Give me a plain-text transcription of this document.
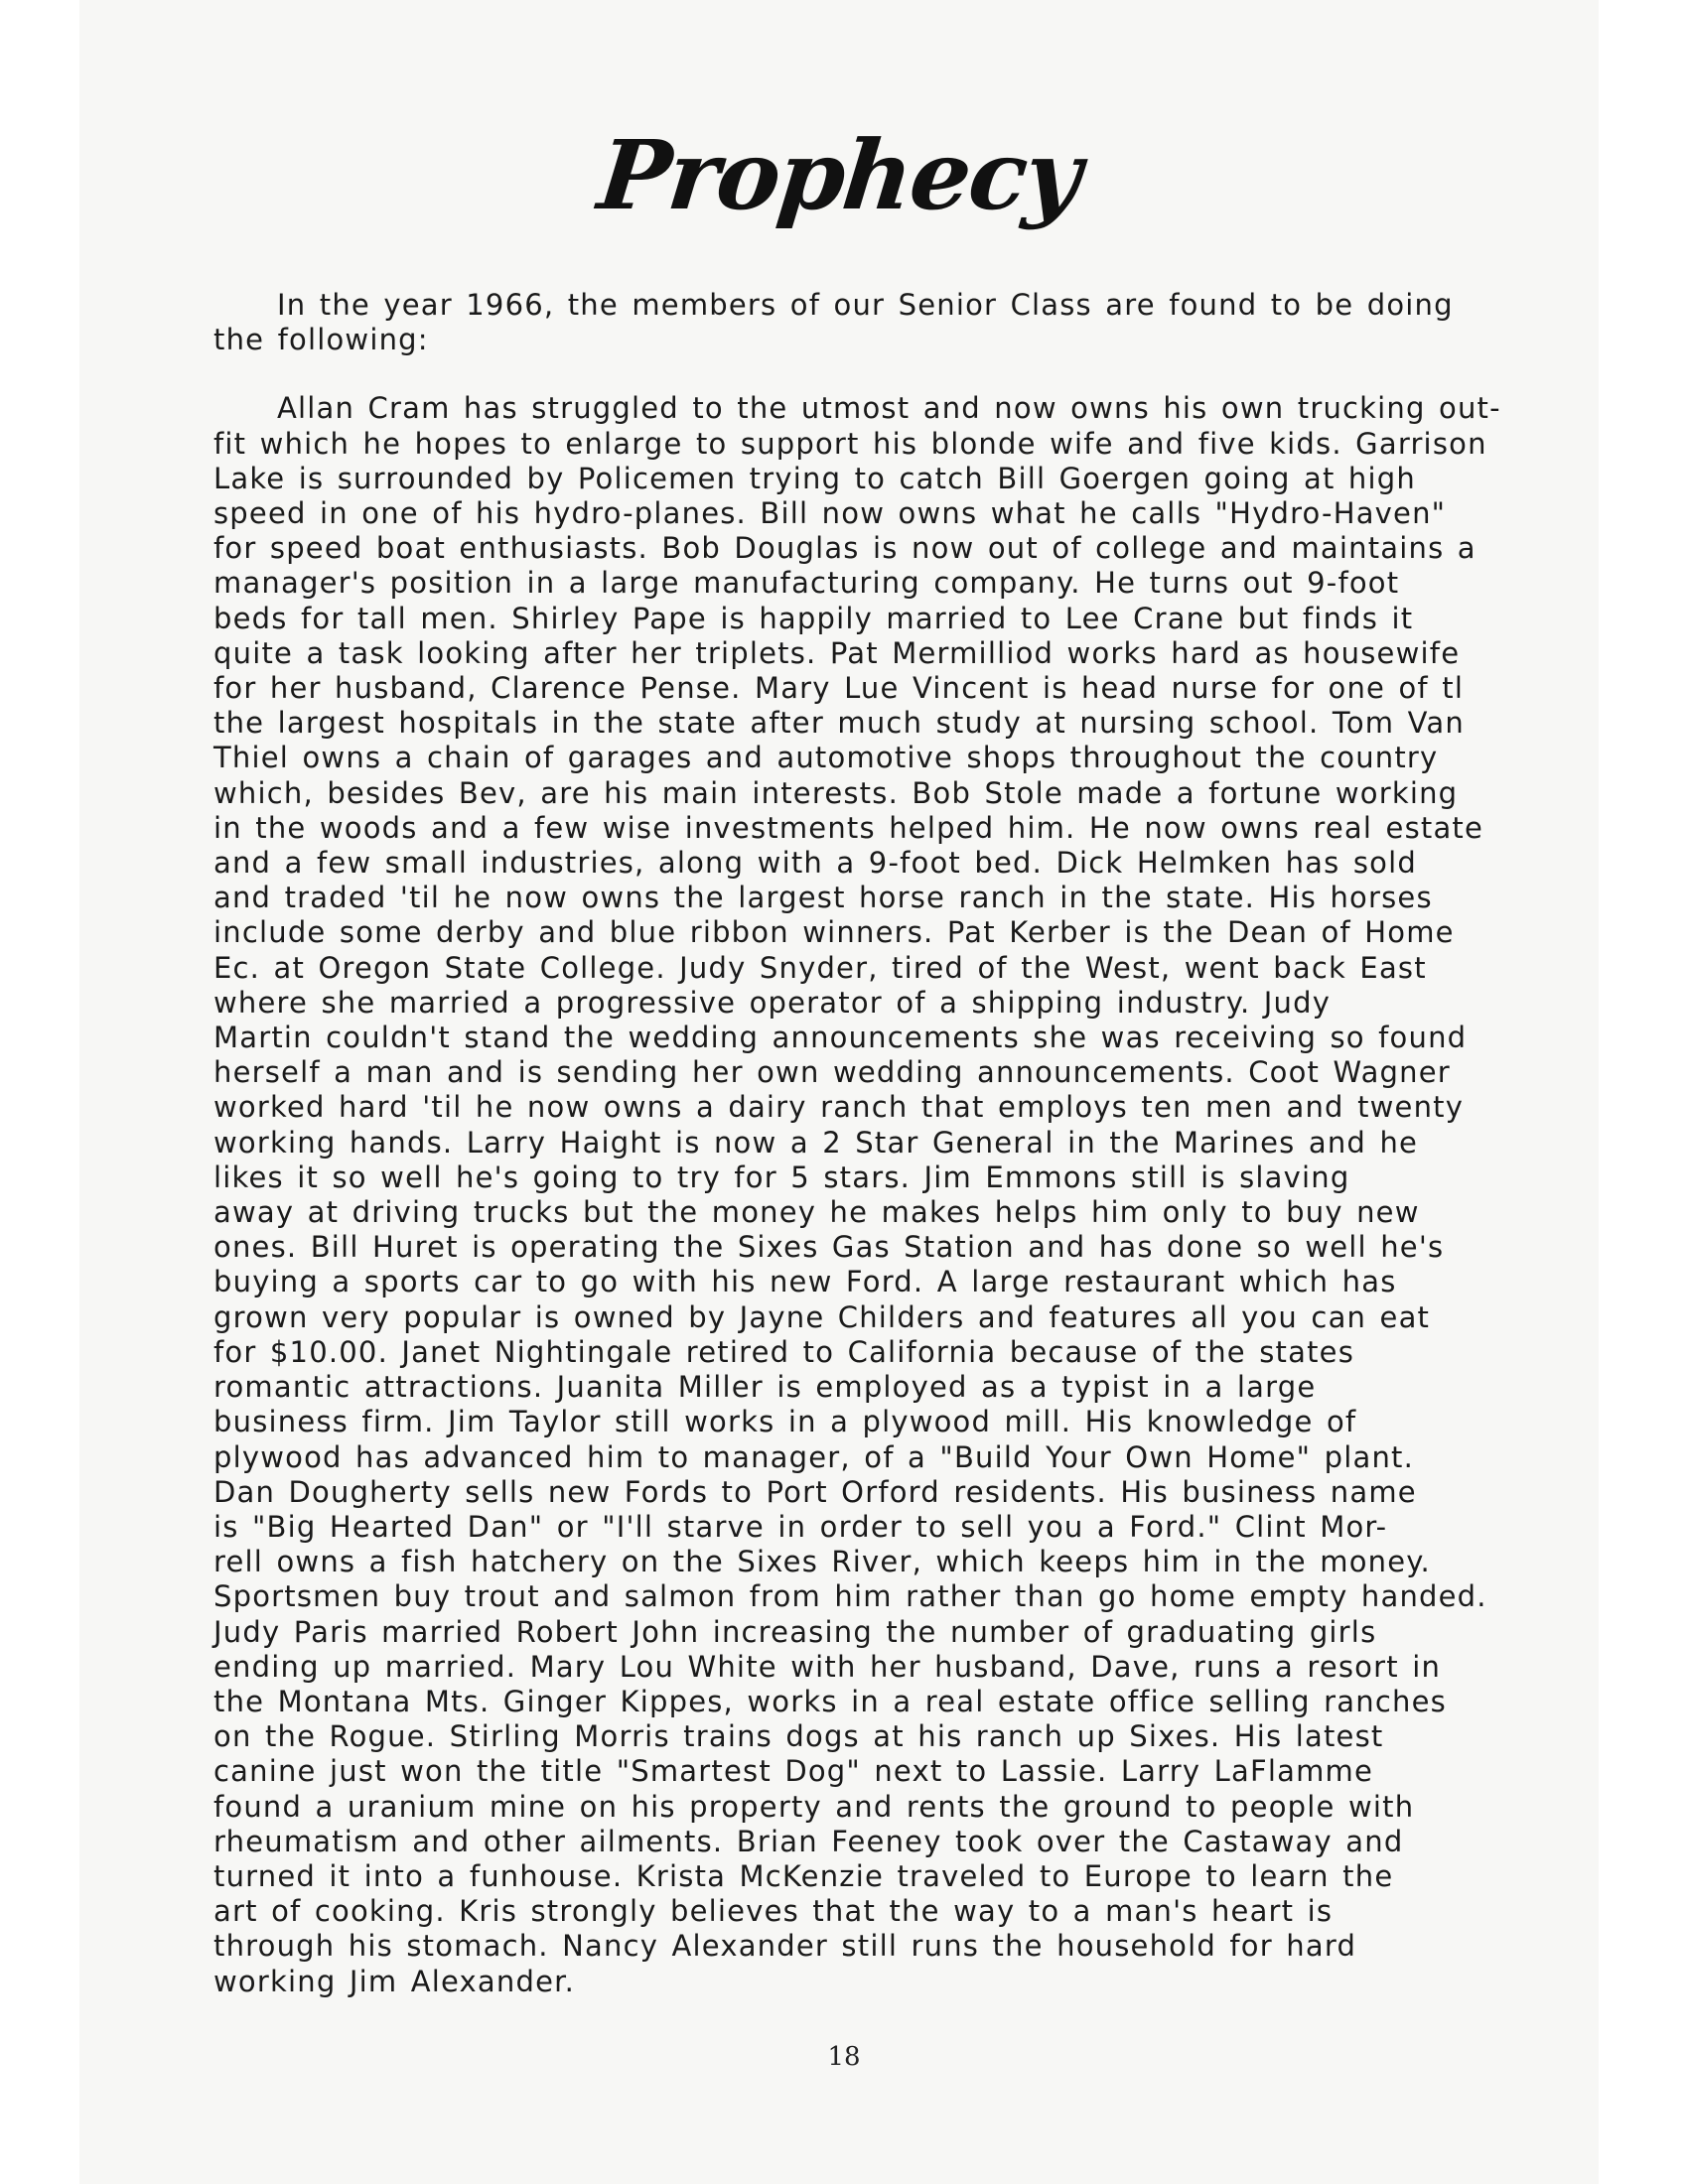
Prophecy
In the year 1966, the members of our Senior Class are found to be doing
the following:
Allan Cram has struggled to the utmost and now owns his own trucking out-
fit which he hopes to enlarge to support his blonde wife and five kids. Garrison
Lake is surrounded by Policemen trying to catch Bill Goergen going at high
speed in one of his hydro-planes. Bill now owns what he calls "Hydro-Haven"
for speed boat enthusiasts. Bob Douglas is now out of college and maintains a
manager's position in a large manufacturing company. He turns out 9-foot
beds for tall men. Shirley Pape is happily married to Lee Crane but finds it
quite a task looking after her triplets. Pat Mermilliod works hard as housewife
for her husband, Clarence Pense. Mary Lue Vincent is head nurse for one of tl
the largest hospitals in the state after much study at nursing school. Tom Van
Thiel owns a chain of garages and automotive shops throughout the country
which, besides Bev, are his main interests. Bob Stole made a fortune working
in the woods and a few wise investments helped him. He now owns real estate
and a few small industries, along with a 9-foot bed. Dick Helmken has sold
and traded 'til he now owns the largest horse ranch in the state. His horses
include some derby and blue ribbon winners. Pat Kerber is the Dean of Home
Ec. at Oregon State College. Judy Snyder, tired of the West, went back East
where she married a progressive operator of a shipping industry. Judy
Martin couldn't stand the wedding announcements she was receiving so found
herself a man and is sending her own wedding announcements. Coot Wagner
worked hard 'til he now owns a dairy ranch that employs ten men and twenty
working hands. Larry Haight is now a 2 Star General in the Marines and he
likes it so well he's going to try for 5 stars. Jim Emmons still is slaving
away at driving trucks but the money he makes helps him only to buy new
ones. Bill Huret is operating the Sixes Gas Station and has done so well he's
buying a sports car to go with his new Ford. A large restaurant which has
grown very popular is owned by Jayne Childers and features all you can eat
for $10.00. Janet Nightingale retired to California because of the states
romantic attractions. Juanita Miller is employed as a typist in a large
business firm. Jim Taylor still works in a plywood mill. His knowledge of
plywood has advanced him to manager, of a "Build Your Own Home" plant.
Dan Dougherty sells new Fords to Port Orford residents. His business name
is "Big Hearted Dan" or "I'll starve in order to sell you a Ford." Clint Mor-
rell owns a fish hatchery on the Sixes River, which keeps him in the money.
Sportsmen buy trout and salmon from him rather than go home empty handed.
Judy Paris married Robert John increasing the number of graduating girls
ending up married. Mary Lou White with her husband, Dave, runs a resort in
the Montana Mts. Ginger Kippes, works in a real estate office selling ranches
on the Rogue. Stirling Morris trains dogs at his ranch up Sixes. His latest
canine just won the title "Smartest Dog" next to Lassie. Larry LaFlamme
found a uranium mine on his property and rents the ground to people with
rheumatism and other ailments. Brian Feeney took over the Castaway and
turned it into a funhouse. Krista McKenzie traveled to Europe to learn the
art of cooking. Kris strongly believes that the way to a man's heart is
through his stomach. Nancy Alexander still runs the household for hard
working Jim Alexander.
18
